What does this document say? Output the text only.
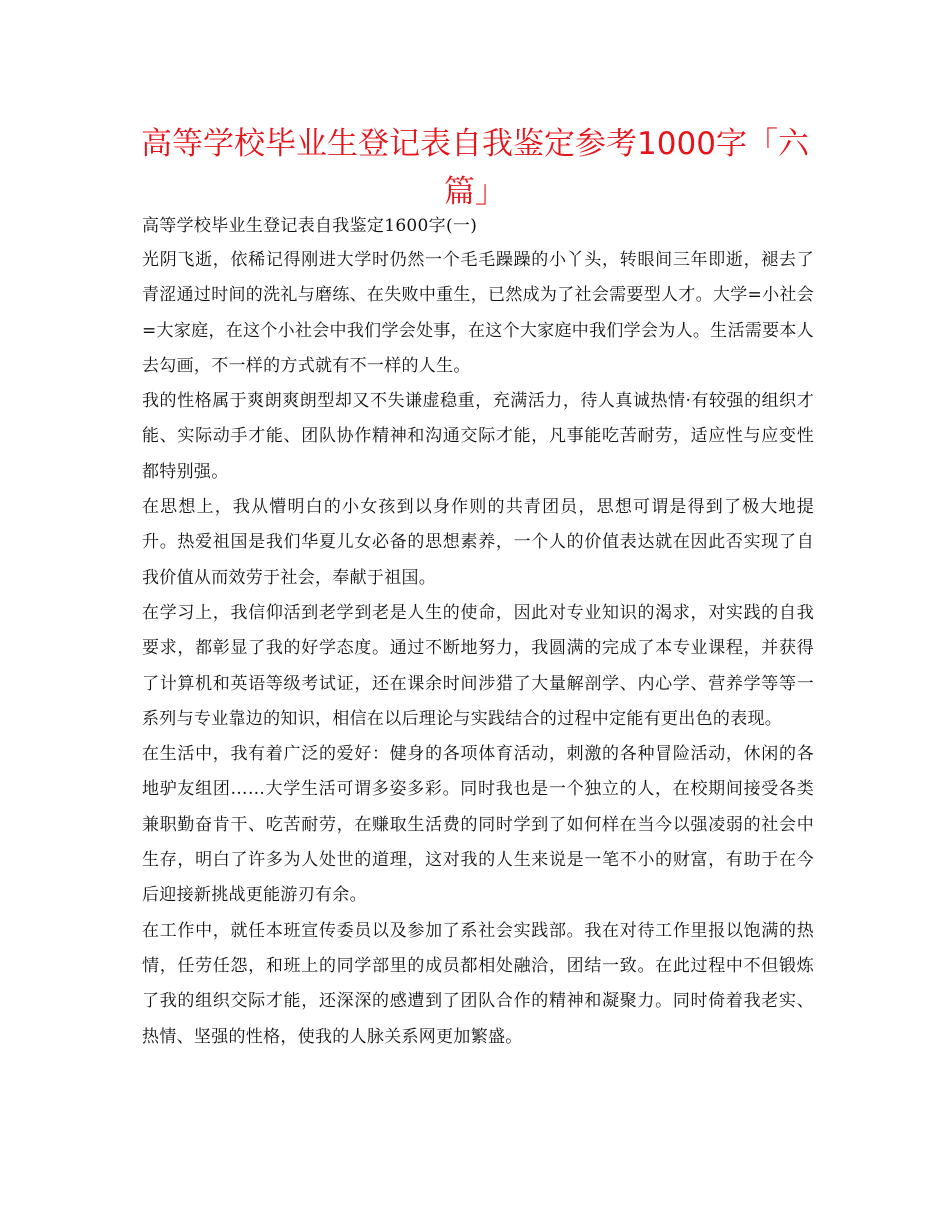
高等学校毕业生登记表自我鉴定参考1000字「六篇」

高等学校毕业生登记表自我鉴定1600字(一)

光阴飞逝，依稀记得刚进大学时仍然一个毛毛躁躁的小丫头，转眼间三年即逝，褪去了青涩通过时间的洗礼与磨练、在失败中重生，已然成为了社会需要型人才。大学=小社会=大家庭，在这个小社会中我们学会处事，在这个大家庭中我们学会为人。生活需要本人去勾画，不一样的方式就有不一样的人生。

我的性格属于爽朗爽朗型却又不失谦虚稳重，充满活力，待人真诚热情·有较强的组织才能、实际动手才能、团队协作精神和沟通交际才能，凡事能吃苦耐劳，适应性与应变性都特别强。

在思想上，我从懵明白的小女孩到以身作则的共青团员，思想可谓是得到了极大地提升。热爱祖国是我们华夏儿女必备的思想素养，一个人的价值表达就在因此否实现了自我价值从而效劳于社会，奉献于祖国。

在学习上，我信仰活到老学到老是人生的使命，因此对专业知识的渴求，对实践的自我要求，都彰显了我的好学态度。通过不断地努力，我圆满的完成了本专业课程，并获得了计算机和英语等级考试证，还在课余时间涉猎了大量解剖学、内心学、营养学等等一系列与专业靠边的知识，相信在以后理论与实践结合的过程中定能有更出色的表现。

在生活中，我有着广泛的爱好：健身的各项体育活动，刺激的各种冒险活动，休闲的各地驴友组团……大学生活可谓多姿多彩。同时我也是一个独立的人，在校期间接受各类兼职勤奋肯干、吃苦耐劳，在赚取生活费的同时学到了如何样在当今以强凌弱的社会中生存，明白了许多为人处世的道理，这对我的人生来说是一笔不小的财富，有助于在今后迎接新挑战更能游刃有余。

在工作中，就任本班宣传委员以及参加了系社会实践部。我在对待工作里报以饱满的热情，任劳任怨，和班上的同学部里的成员都相处融洽，团结一致。在此过程中不但锻炼了我的组织交际才能，还深深的感遭到了团队合作的精神和凝聚力。同时倚着我老实、热情、坚强的性格，使我的人脉关系网更加繁盛。
